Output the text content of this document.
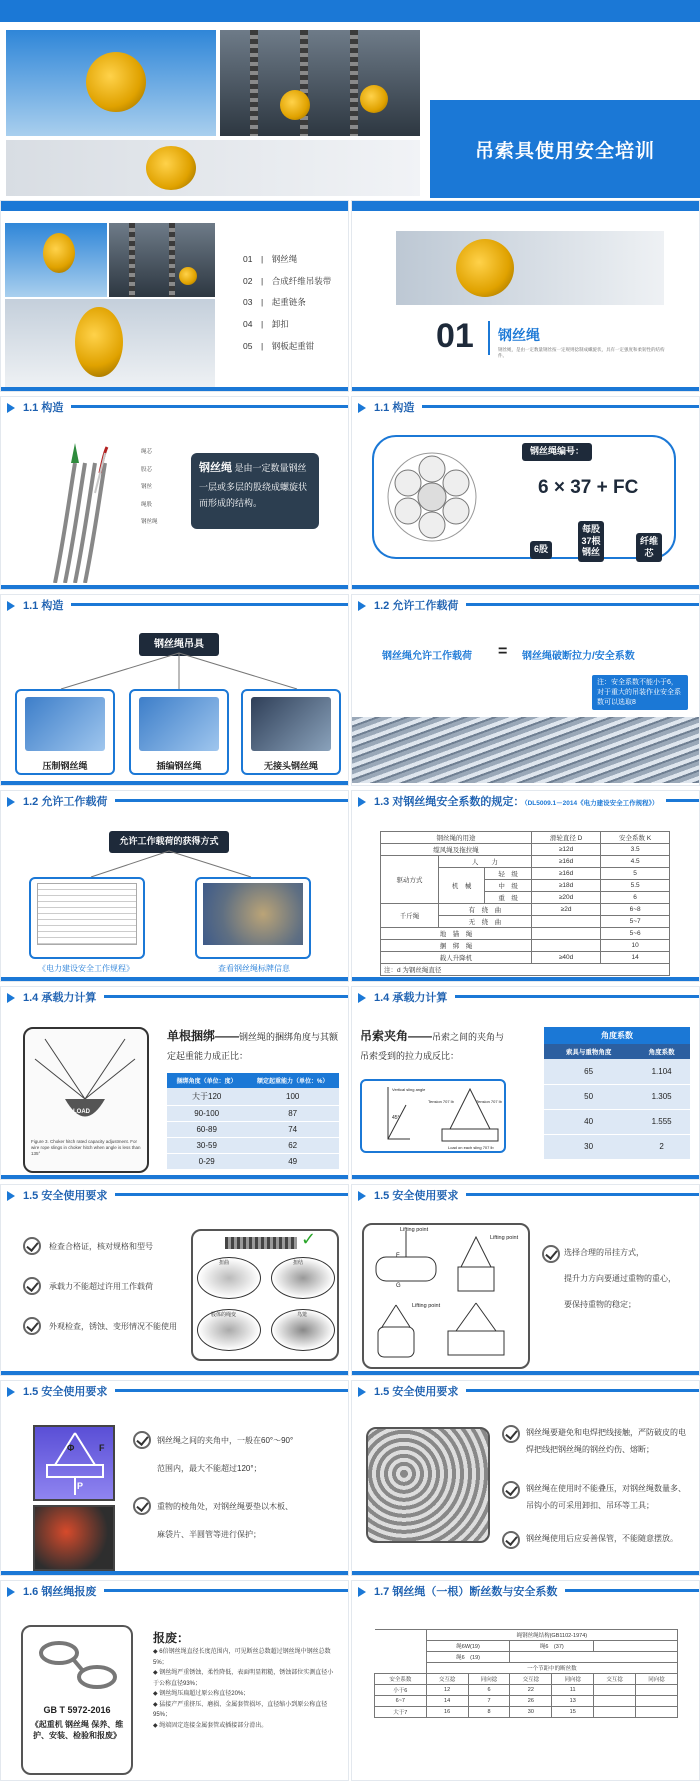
吊索具使用安全培训
01　|　钢丝绳
02　|　合成纤维吊装带
03　|　起重链条
04　|　卸扣
05　|　钢板起重钳	01 钢丝绳
钢丝绳，是由一定数量钢丝按一定规则捻制成螺旋状，具有一定强度和柔韧性的结构件。
1.1 构造
绳芯
股芯
钢丝
绳股
钢丝绳
钢丝绳 是由一定数量钢丝一层或多层的股绕成螺旋状而形成的结构。
1.1 构造
钢丝绳编号：
6 × 37 + FC
6股
每股37根钢丝
纤维芯
1.1 构造
钢丝绳吊具
压制钢丝绳	插编钢丝绳	无接头钢丝绳
1.2 允许工作载荷
钢丝绳允许工作载荷 = 钢丝绳破断拉力/安全系数
注：安全系数不能小于6，对于重大的吊装作业安全系数可以选取8
1.2 允许工作载荷
允许工作载荷的获得方式
《电力建设安全工作规程》	查看钢丝绳标牌信息
1.3 对钢丝绳安全系数的规定：（DL5009.1－2014《电力建设安全工作规程》）
钢丝绳的用途			滑轮直径 D	安全系数 K
缆风绳及拖拉绳			≥12d	3.5
驱动方式	人　　力		≥16d	4.5
	机　械	轻　级	≥16d	5
		中　级	≥18d	5.5
		重　级	≥20d	6
千斤绳	有　绕　曲		≥2d	6~8
	无　绕　曲			5~7
地　锚　绳				5~6
捆　绑　绳				10
载人升降机			≥40d	14
注：d 为钢丝绳直径				
1.4 承载力计算
LOAD
Figure 3. Choker hitch rated capacity adjustment. For wire rope slings in choker hitch when angle is less than 135°
单根捆绑——钢丝绳的捆绑角度与其额定起重能力成正比：
捆绑角度（单位：度）	额定起重能力（单位：%）
大于120	100
90-100	87
60-89	74
30-59	62
0-29	49
1.4 承载力计算
吊索夹角——吊索之间的夹角与吊索受到的拉力成反比：
Vertical sling angle
Tension 707 lb	Tension 707 lb
45°
Load on each sling 707 lb
角度系数	
索具与重物角度	角度系数
65	1.104
50	1.305
40	1.555
30	2
1.5 安全使用要求
检查合格证，核对规格和型号
承载力不能超过许用工作载荷
外观检查，锈蚀、变形情况不能使用
✓
扭曲	扭结
股体的绳变	鸟笼
1.5 安全使用要求
Lifting point
Lifting point
Lifting point
F
G
选择合理的吊挂方式，
提升力方向要通过重物的重心，
要保持重物的稳定；
1.5 安全使用要求
Φ	F
P
钢丝绳之间的夹角中，一般在60°～90°
范围内，最大不能超过120°；
重物的棱角处，对钢丝绳要垫以木板、
麻袋片、半圆管等进行保护；
1.5 安全使用要求
钢丝绳要避免和电焊把线接触，严防破皮的电焊把线把钢丝绳的钢丝灼伤、熔断；
钢丝绳在使用时不能叠压，对钢丝绳数量多、吊钩小的可采用卸扣、吊环等工具；
钢丝绳使用后应妥善保管，不能随意摆放。
1.6 钢丝绳报废
GB T 5972-2016
《起重机 钢丝绳 保养、维护、安装、检验和报废》
报废：
◆ 6倍钢丝绳直径长度范围内，可见断丝总数超过钢丝绳中钢丝总数5%；
◆ 钢丝绳严重锈蚀，柔性降低，表面明显粗糙，锈蚀部位实测直径小于公称直径93%；
◆ 钢丝绳压扁超过原公称直径20%；
◆ 猛接产严重挤压、磨损、金属套管损坏，直径缩小到原公称直径95%；
◆ 绳端固定连接金属套管或插接部分滑出。
1.7 钢丝绳（一根）断丝数与安全系数
	绳钢丝绳结构(GB1102-1974)					
	绳6W(19)		绳6　(37)			
	绳6　(19)					
	一个节距中的断丝数					
安全系数	交互捻	同向捻	交互捻	同向捻	交互捻	同向捻
小于6	12	6	22	11		
6~7	14	7	26	13		
大于7	16	8	30	15		
